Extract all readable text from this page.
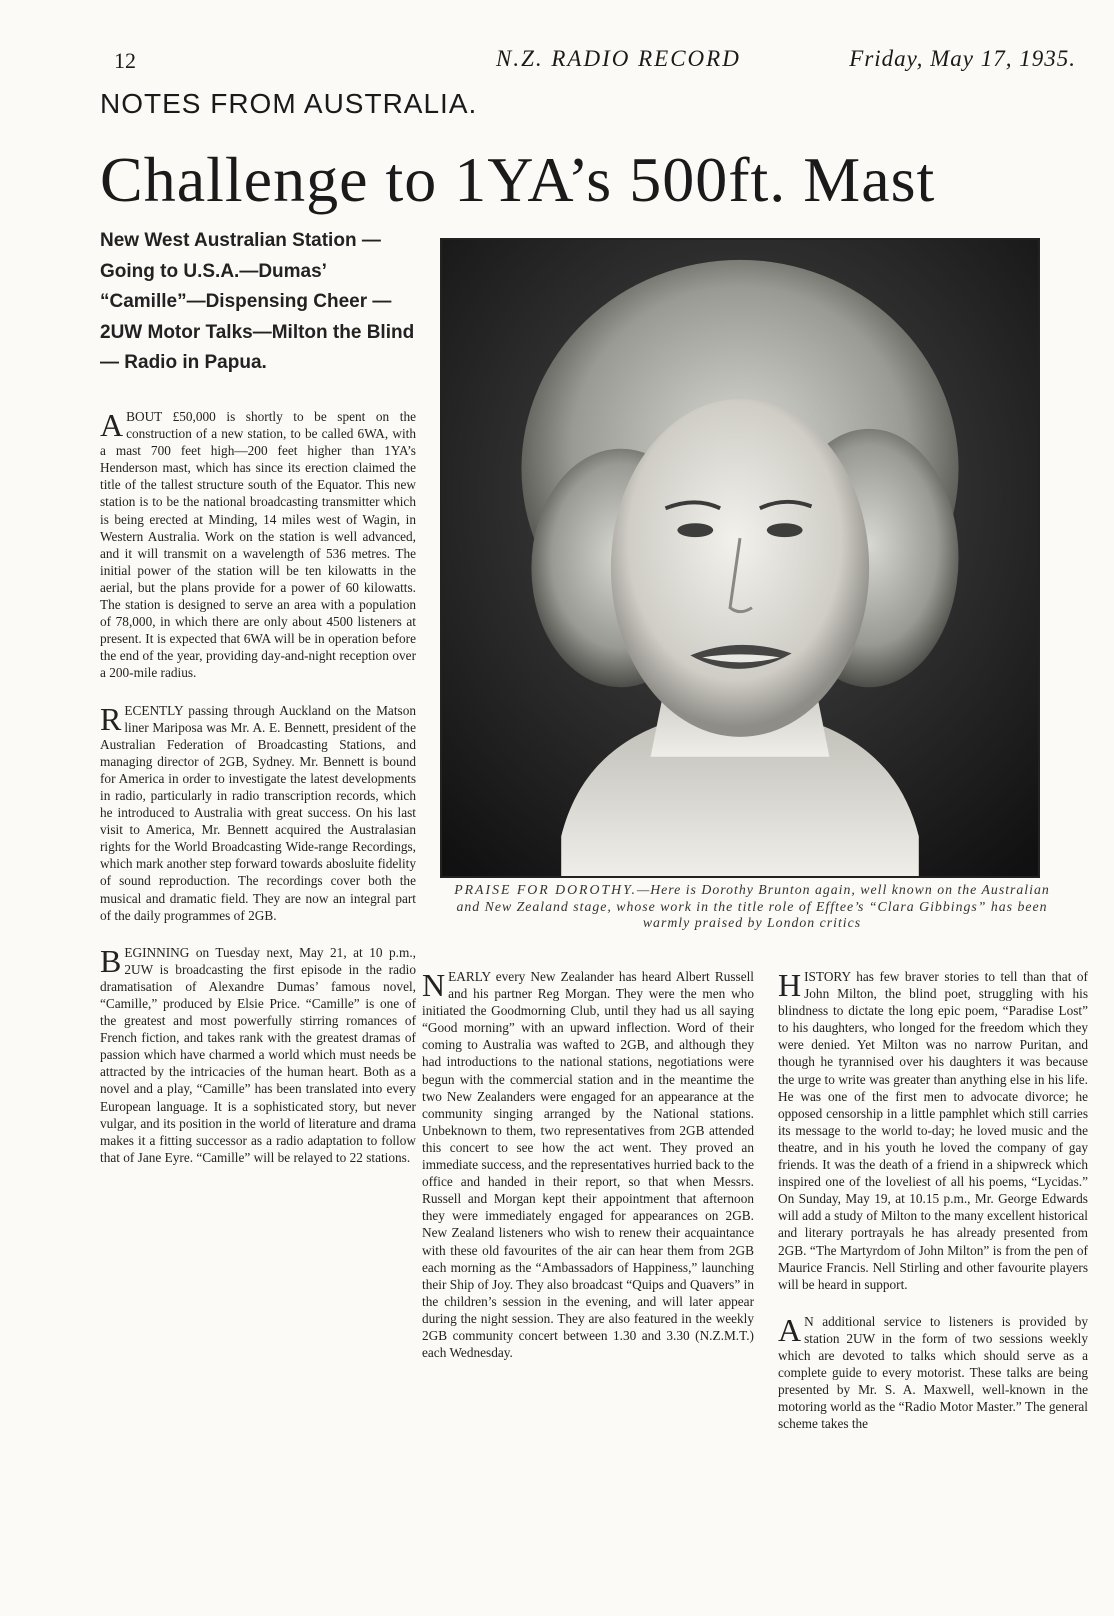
12	N.Z. RADIO RECORD	Friday, May 17, 1935.
NOTES FROM AUSTRALIA.
Challenge to 1YA’s 500ft. Mast
New West Australian Station —Going to U.S.A.—Dumas’ “Camille”—Dispensing Cheer —2UW Motor Talks—Milton the Blind — Radio in Papua.

ABOUT £50,000 is shortly to be spent on the construction of a new station, to be called 6WA, with a mast 700 feet high—200 feet higher than 1YA’s Henderson mast, which has since its erection claimed the title of the tallest structure south of the Equator. This new station is to be the national broadcasting transmitter which is being erected at Minding, 14 miles west of Wagin, in Western Australia. Work on the station is well advanced, and it will transmit on a wavelength of 536 metres. The initial power of the station will be ten kilowatts in the aerial, but the plans provide for a power of 60 kilowatts. The station is designed to serve an area with a population of 78,000, in which there are only about 4500 listeners at present. It is expected that 6WA will be in operation before the end of the year, providing day-and-night reception over a 200-mile radius.

RECENTLY passing through Auckland on the Matson liner Mariposa was Mr. A. E. Bennett, president of the Australian Federation of Broadcasting Stations, and managing director of 2GB, Sydney. Mr. Bennett is bound for America in order to investigate the latest developments in radio, particularly in radio transcription records, which he introduced to Australia with great success. On his last visit to America, Mr. Bennett acquired the Australasian rights for the World Broadcasting Wide-range Recordings, which mark another step forward towards abosluite fidelity of sound reproduction. The recordings cover both the musical and dramatic field. They are now an integral part of the daily programmes of 2GB.

BEGINNING on Tuesday next, May 21, at 10 p.m., 2UW is broadcasting the first episode in the radio dramatisation of Alexandre Dumas’ famous novel, “Camille,” produced by Elsie Price. “Camille” is one of the greatest and most powerfully stirring romances of French fiction, and takes rank with the greatest dramas of passion which have charmed a world which must needs be attracted by the intricacies of the human heart. Both as a novel and a play, “Camille” has been translated into every European language. It is a sophisticated story, but never vulgar, and its position in the world of literature and drama makes it a fitting successor as a radio adaptation to follow that of Jane Eyre. “Camille” will be relayed to 22 stations.

PRAISE FOR DOROTHY.—Here is Dorothy Brunton again, well known on the Australian and New Zealand stage, whose work in the title role of Efftee’s “Clara Gibbings” has been warmly praised by London critics

NEARLY every New Zealander has heard Albert Russell and his partner Reg Morgan. They were the men who initiated the Goodmorning Club, until they had us all saying “Good morning” with an upward inflection. Word of their coming to Australia was wafted to 2GB, and although they had introductions to the national stations, negotiations were begun with the commercial station and in the meantime the two New Zealanders were engaged for an appearance at the community singing arranged by the National stations. Unbeknown to them, two representatives from 2GB attended this concert to see how the act went. They proved an immediate success, and the representatives hurried back to the office and handed in their report, so that when Messrs. Russell and Morgan kept their appointment that afternoon they were immediately engaged for appearances on 2GB. New Zealand listeners who wish to renew their acquaintance with these old favourites of the air can hear them from 2GB each morning as the “Ambassadors of Happiness,” launching their Ship of Joy. They also broadcast “Quips and Quavers” in the children’s session in the evening, and will later appear during the night session. They are also featured in the weekly 2GB community concert between 1.30 and 3.30 (N.Z.M.T.) each Wednesday.

HISTORY has few braver stories to tell than that of John Milton, the blind poet, struggling with his blindness to dictate the long epic poem, “Paradise Lost” to his daughters, who longed for the freedom which they were denied. Yet Milton was no narrow Puritan, and though he tyrannised over his daughters it was because the urge to write was greater than anything else in his life. He was one of the first men to advocate divorce; he opposed censorship in a little pamphlet which still carries its message to the world to-day; he loved music and the theatre, and in his youth he loved the company of gay friends. It was the death of a friend in a shipwreck which inspired one of the loveliest of all his poems, “Lycidas.” On Sunday, May 19, at 10.15 p.m., Mr. George Edwards will add a study of Milton to the many excellent historical and literary portrayals he has already presented from 2GB. “The Martyrdom of John Milton” is from the pen of Maurice Francis. Nell Stirling and other favourite players will be heard in support.

AN additional service to listeners is provided by station 2UW in the form of two sessions weekly which are devoted to talks which should serve as a complete guide to every motorist. These talks are being presented by Mr. S. A. Maxwell, well-known in the motoring world as the “Radio Motor Master.” The general scheme takes the
